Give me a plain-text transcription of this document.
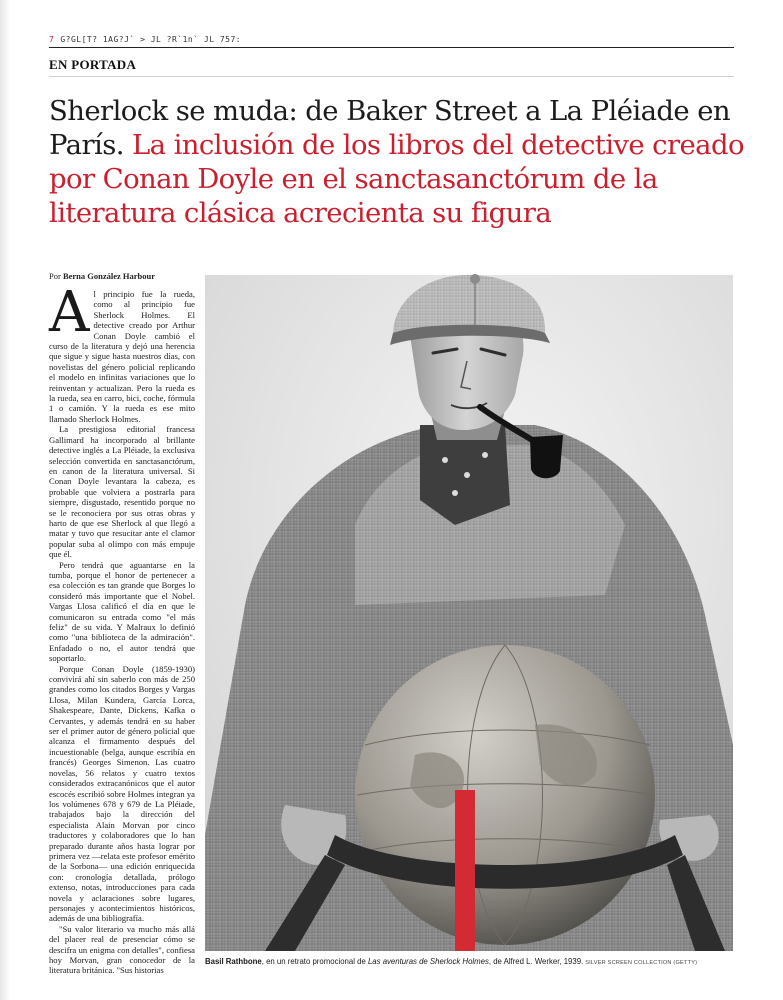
7 G?GL[T? 1AG?J` > JL ?R`1n` JL 757:
EN PORTADA
Sherlock se muda: de Baker Street a La Pléiade en París. La inclusión de los libros del detective creado por Conan Doyle en el sanctasanctórum de la literatura clásica acrecienta su figura
Por Berna González Harbour

Al principio fue la rueda, como al principio fue Sherlock Holmes. El detective creado por Arthur Conan Doyle cambió el curso de la literatura y dejó una herencia que sigue y sigue hasta nuestros días, con novelistas del género policial replicando el modelo en infinitas variaciones que lo reinventan y actualizan. Pero la rueda es la rueda, sea en carro, bici, coche, fórmula 1 o camión. Y la rueda es ese mito llamado Sherlock Holmes.

La prestigiosa editorial francesa Gallimard ha incorporado al brillante detective inglés a La Pléiade, la exclusiva selección convertida en sanctasanctórum, en canon de la literatura universal. Si Conan Doyle levantara la cabeza, es probable que volviera a postrarla para siempre, disgustado, resentido porque no se le reconociera por sus otras obras y harto de que ese Sherlock al que llegó a matar y tuvo que resucitar ante el clamor popular suba al olimpo con más empuje que él.

Pero tendrá que aguantarse en la tumba, porque el honor de pertenecer a esa colección es tan grande que Borges lo consideró más importante que el Nobel. Vargas Llosa calificó el día en que le comunicaron su entrada como "el más feliz" de su vida. Y Malraux lo definió como "una biblioteca de la admiración". Enfadado o no, el autor tendrá que soportarlo.

Porque Conan Doyle (1859-1930) convivirá ahí sin saberlo con más de 250 grandes como los citados Borges y Vargas Llosa, Milan Kundera, García Lorca, Shakespeare, Dante, Dickens, Kafka o Cervantes, y además tendrá en su haber ser el primer autor de género policial que alcanza el firmamento después del incuestionable (belga, aunque escribía en francés) Georges Simenon. Las cuatro novelas, 56 relatos y cuatro textos considerados extracanónicos que el autor escocés escribió sobre Holmes integran ya los volúmenes 678 y 679 de La Pléiade, trabajados bajo la dirección del especialista Alain Morvan por cinco traductores y colaboradores que lo han preparado durante años hasta lograr por primera vez —relata este profesor emérito de la Sorbona— una edición enriquecida con: cronología detallada, prólogo extenso, notas, introducciones para cada novela y aclaraciones sobre lugares, personajes y acontecimientos históricos, además de una bibliografía.

"Su valor literario va mucho más allá del placer real de presenciar cómo se descifra un enigma con detalles", confiesa hoy Morvan, gran conocedor de la literatura británica. "Sus historias

Basil Rathbone, en un retrato promocional de Las aventuras de Sherlock Holmes, de Alfred L. Werker, 1939. SILVER SCREEN COLLECTION (GETTY)
